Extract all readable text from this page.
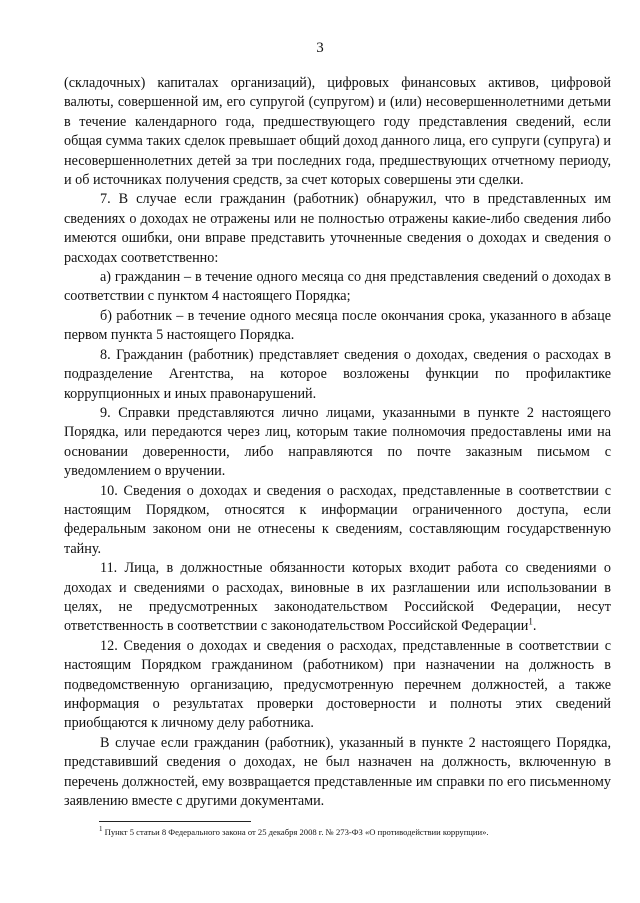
3

(складочных) капиталах организаций), цифровых финансовых активов, цифровой валюты, совершенной им, его супругой (супругом) и (или) несовершеннолетними детьми в течение календарного года, предшествующего году представления сведений, если общая сумма таких сделок превышает общий доход данного лица, его супруги (супруга) и несовершеннолетних детей за три последних года, предшествующих отчетному периоду, и об источниках получения средств, за счет которых совершены эти сделки.

7. В случае если гражданин (работник) обнаружил, что в представленных им сведениях о доходах не отражены или не полностью отражены какие-либо сведения либо имеются ошибки, они вправе представить уточненные сведения о доходах и сведения о расходах соответственно:

а) гражданин – в течение одного месяца со дня представления сведений о доходах в соответствии с пунктом 4 настоящего Порядка;

б) работник – в течение одного месяца после окончания срока, указанного в абзаце первом пункта 5 настоящего Порядка.

8. Гражданин (работник) представляет сведения о доходах, сведения о расходах в подразделение Агентства, на которое возложены функции по профилактике коррупционных и иных правонарушений.

9. Справки представляются лично лицами, указанными в пункте 2 настоящего Порядка, или передаются через лиц, которым такие полномочия предоставлены ими на основании доверенности, либо направляются по почте заказным письмом с уведомлением о вручении.

10. Сведения о доходах и сведения о расходах, представленные в соответствии с настоящим Порядком, относятся к информации ограниченного доступа, если федеральным законом они не отнесены к сведениям, составляющим государственную тайну.

11. Лица, в должностные обязанности которых входит работа со сведениями о доходах и сведениями о расходах, виновные в их разглашении или использовании в целях, не предусмотренных законодательством Российской Федерации, несут ответственность в соответствии с законодательством Российской Федерации$^1$.

12. Сведения о доходах и сведения о расходах, представленные в соответствии с настоящим Порядком гражданином (работником) при назначении на должность в подведомственную организацию, предусмотренную перечнем должностей, а также информация о результатах проверки достоверности и полноты этих сведений приобщаются к личному делу работника.

В случае если гражданин (работник), указанный в пункте 2 настоящего Порядка, представивший сведения о доходах, не был назначен на должность, включенную в перечень должностей, ему возвращается представленные им справки по его письменному заявлению вместе с другими документами.

$^1$ Пункт 5 статьи 8 Федерального закона от 25 декабря 2008 г. № 273-ФЗ «О противодействии коррупции».
